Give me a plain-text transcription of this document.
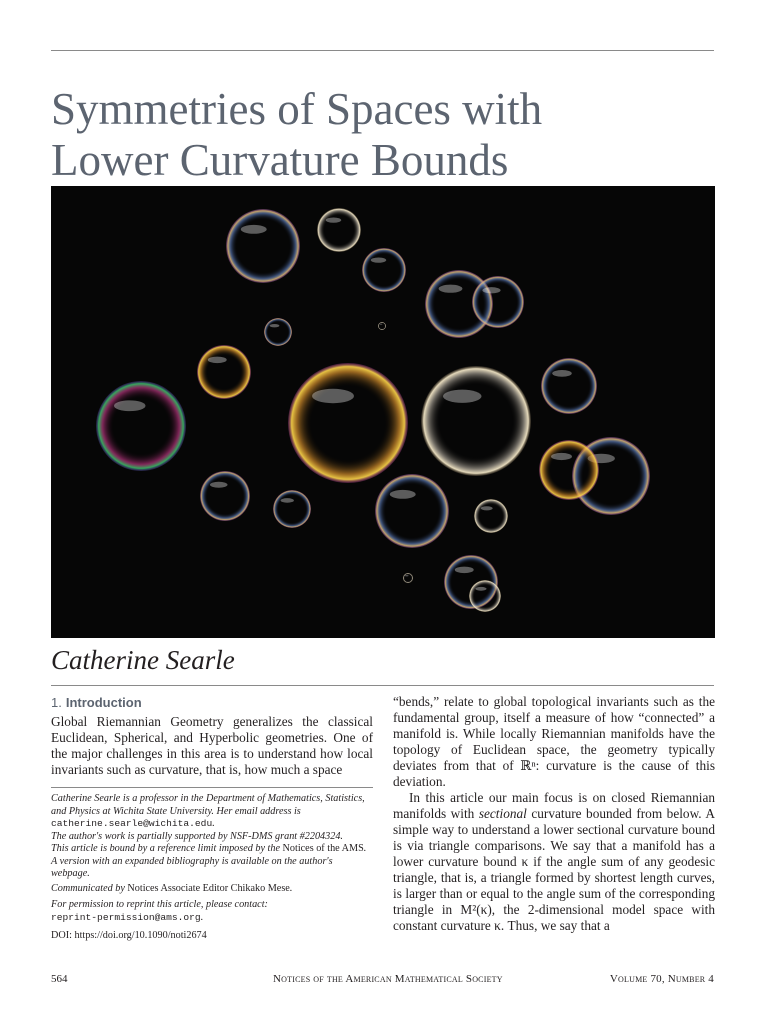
Symmetries of Spaces with
Lower Curvature Bounds
Catherine Searle
1. Introduction

Global Riemannian Geometry generalizes the classical Euclidean, Spherical, and Hyperbolic geometries. One of the major challenges in this area is to understand how local invariants such as curvature, that is, how much a space

Catherine Searle is a professor in the Department of Mathematics, Statistics, and Physics at Wichita State University. Her email address is catherine.searle@wichita.edu.

The author's work is partially supported by NSF-DMS grant #2204324.

This article is bound by a reference limit imposed by the Notices of the AMS.

A version with an expanded bibliography is available on the author's webpage.

Communicated by Notices Associate Editor Chikako Mese.

For permission to reprint this article, please contact:
reprint-permission@ams.org.

DOI: https://doi.org/10.1090/noti2674

“bends,” relate to global topological invariants such as the fundamental group, itself a measure of how “connected” a manifold is. While locally Riemannian manifolds have the topology of Euclidean space, the geometry typically deviates from that of ℝⁿ: curvature is the cause of this deviation.

In this article our main focus is on closed Riemannian manifolds with sectional curvature bounded from below. A simple way to understand a lower sectional curvature bound is via triangle comparisons. We say that a manifold has a lower curvature bound κ if the angle sum of any geodesic triangle, that is, a triangle formed by shortest length curves, is larger than or equal to the angle sum of the corresponding triangle in M²(κ), the 2-dimensional model space with constant curvature κ. Thus, we say that a

564	Notices of the American Mathematical Society	Volume 70, Number 4
